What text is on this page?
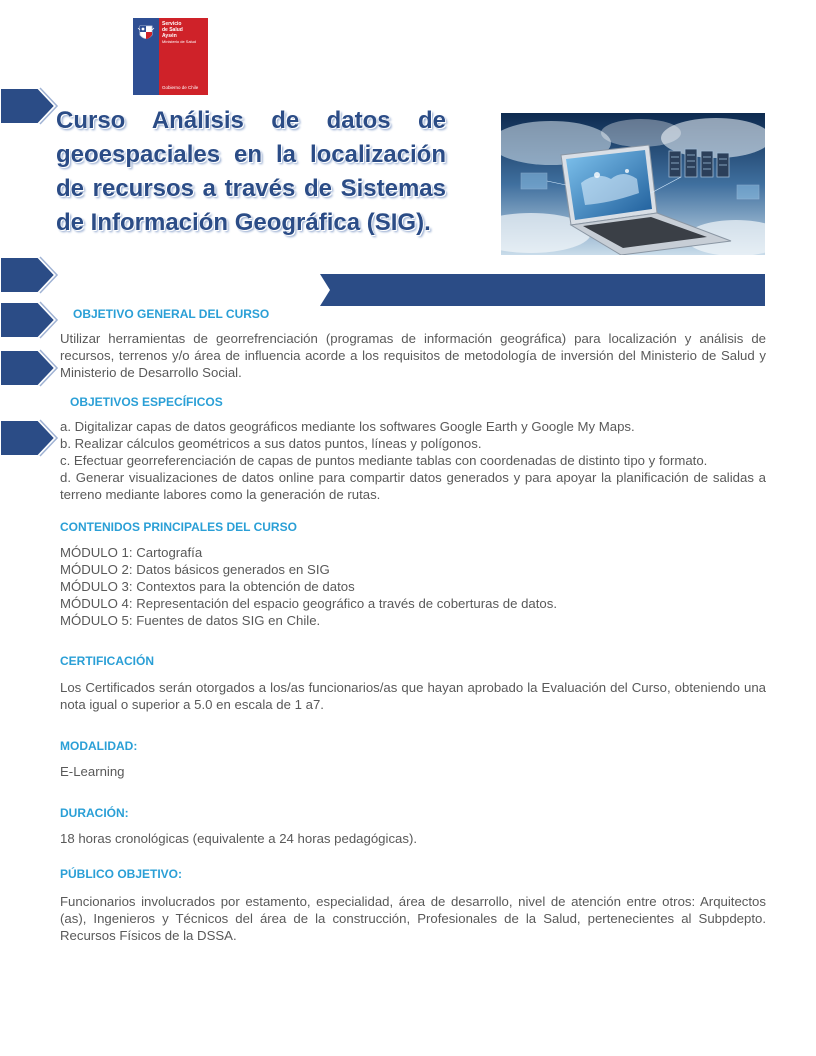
Servicio
de Salud
Aysén
Ministerio de Salud
Gobierno de Chile
Curso Análisis de datos de geoespaciales en la localización de recursos a través de Sistemas de Información Geográfica (SIG).
OBJETIVO GENERAL DEL CURSO

Utilizar herramientas de georrefrenciación (programas de información geográfica) para localización y análisis de recursos, terrenos y/o área de influencia acorde a los requisitos de metodología de inversión del Ministerio de Salud y Ministerio de Desarrollo Social.

OBJETIVOS ESPECÍFICOS

a. Digitalizar capas de datos geográficos mediante los softwares Google Earth y Google My Maps.

b. Realizar cálculos geométricos a sus datos puntos, líneas y polígonos.

c. Efectuar georreferenciación de capas de puntos mediante tablas con coordenadas de distinto tipo y formato.

d. Generar visualizaciones de datos online para compartir datos generados y para apoyar la planificación de salidas a terreno mediante labores como la generación de rutas.

CONTENIDOS PRINCIPALES DEL CURSO

MÓDULO 1: Cartografía

MÓDULO 2: Datos básicos generados en SIG

MÓDULO 3: Contextos para la obtención de datos

MÓDULO 4: Representación del espacio geográfico a través de coberturas de datos.

MÓDULO 5: Fuentes de datos SIG en Chile.

CERTIFICACIÓN

Los Certificados serán otorgados a los/as funcionarios/as que hayan aprobado la Evaluación del Curso, obteniendo una nota igual o superior a 5.0 en escala de 1 a7.

MODALIDAD:

E-Learning

DURACIÓN:

18 horas cronológicas (equivalente a 24 horas pedagógicas).

PÚBLICO OBJETIVO:

Funcionarios involucrados por estamento, especialidad, área de desarrollo, nivel de atención entre otros: Arquitectos (as), Ingenieros y Técnicos del área de la construcción, Profesionales de la Salud, pertenecientes al Subpdepto. Recursos Físicos de la DSSA.
